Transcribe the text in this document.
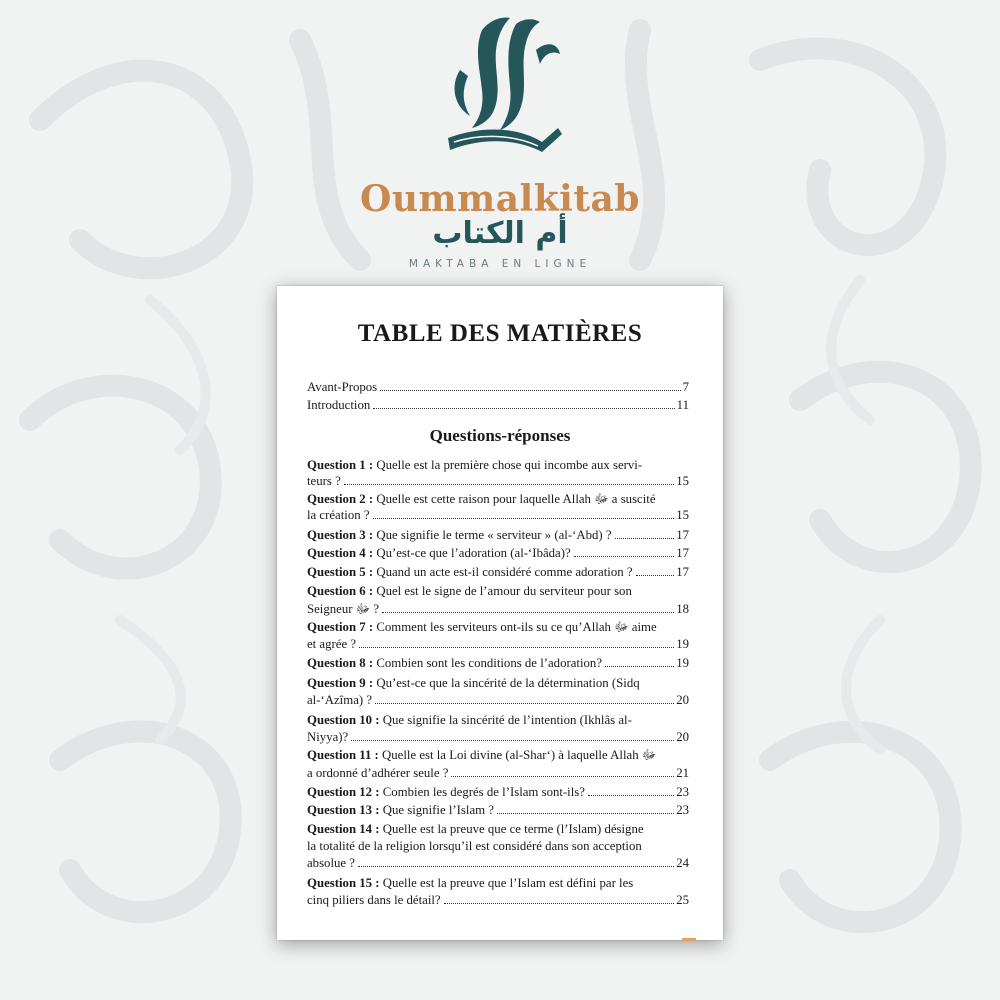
Oummalkitab
أم الكتاب
MAKTABA EN LIGNE
TABLE DES MATIÈRES
Avant-Propos	7
Introduction	11
Questions-réponses
Question 1 : Quelle est la première chose qui incombe aux servi-
teurs ?	15
Question 2 : Quelle est cette raison pour laquelle Allah ﷻ a suscité
la création ?	15
Question 3 : Que signifie le terme « serviteur » (al-‘Abd) ?	17
Question 4 : Qu’est-ce que l’adoration (al-‘Ibâda)?	17
Question 5 : Quand un acte est-il considéré comme adoration ?	17
Question 6 : Quel est le signe de l’amour du serviteur pour son
Seigneur ﷻ ?	18
Question 7 : Comment les serviteurs ont-ils su ce qu’Allah ﷻ aime
et agrée ?	19
Question 8 : Combien sont les conditions de l’adoration?	19
Question 9 : Qu’est-ce que la sincérité de la détermination (Sidq
al-‘Azîma) ?	20
Question 10 : Que signifie la sincérité de l’intention (Ikhlâs al-
Niyya)?	20
Question 11 : Quelle est la Loi divine (al-Shar‘) à laquelle Allah ﷻ
a ordonné d’adhérer seule ?	21
Question 12 : Combien les degrés de l’Islam sont-ils?	23
Question 13 : Que signifie l’Islam ?	23
Question 14 : Quelle est la preuve que ce terme (l’Islam) désigne
la totalité de la religion lorsqu’il est considéré dans son acception
absolue ?	24
Question 15 : Quelle est la preuve que l’Islam est défini par les
cinq piliers dans le détail?	25
